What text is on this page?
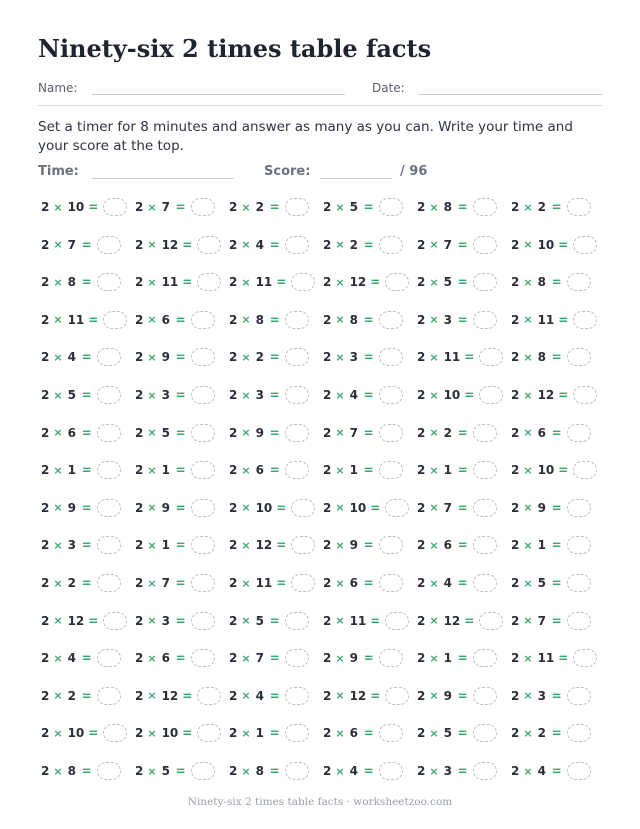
Ninety-six 2 times table facts
Name:	Date:
Set a timer for 8 minutes and answer as many as you can. Write your time and your score at the top.
Time:	Score:	/ 96
2 × 10 =	2 × 7 =	2 × 2 =	2 × 5 =	2 × 8 =	2 × 2 =
2 × 7 =	2 × 12 =	2 × 4 =	2 × 2 =	2 × 7 =	2 × 10 =
2 × 8 =	2 × 11 =	2 × 11 =	2 × 12 =	2 × 5 =	2 × 8 =
2 × 11 =	2 × 6 =	2 × 8 =	2 × 8 =	2 × 3 =	2 × 11 =
2 × 4 =	2 × 9 =	2 × 2 =	2 × 3 =	2 × 11 =	2 × 8 =
2 × 5 =	2 × 3 =	2 × 3 =	2 × 4 =	2 × 10 =	2 × 12 =
2 × 6 =	2 × 5 =	2 × 9 =	2 × 7 =	2 × 2 =	2 × 6 =
2 × 1 =	2 × 1 =	2 × 6 =	2 × 1 =	2 × 1 =	2 × 10 =
2 × 9 =	2 × 9 =	2 × 10 =	2 × 10 =	2 × 7 =	2 × 9 =
2 × 3 =	2 × 1 =	2 × 12 =	2 × 9 =	2 × 6 =	2 × 1 =
2 × 2 =	2 × 7 =	2 × 11 =	2 × 6 =	2 × 4 =	2 × 5 =
2 × 12 =	2 × 3 =	2 × 5 =	2 × 11 =	2 × 12 =	2 × 7 =
2 × 4 =	2 × 6 =	2 × 7 =	2 × 9 =	2 × 1 =	2 × 11 =
2 × 2 =	2 × 12 =	2 × 4 =	2 × 12 =	2 × 9 =	2 × 3 =
2 × 10 =	2 × 10 =	2 × 1 =	2 × 6 =	2 × 5 =	2 × 2 =
2 × 8 =	2 × 5 =	2 × 8 =	2 × 4 =	2 × 3 =	2 × 4 =
Ninety-six 2 times table facts · worksheetzoo.com
